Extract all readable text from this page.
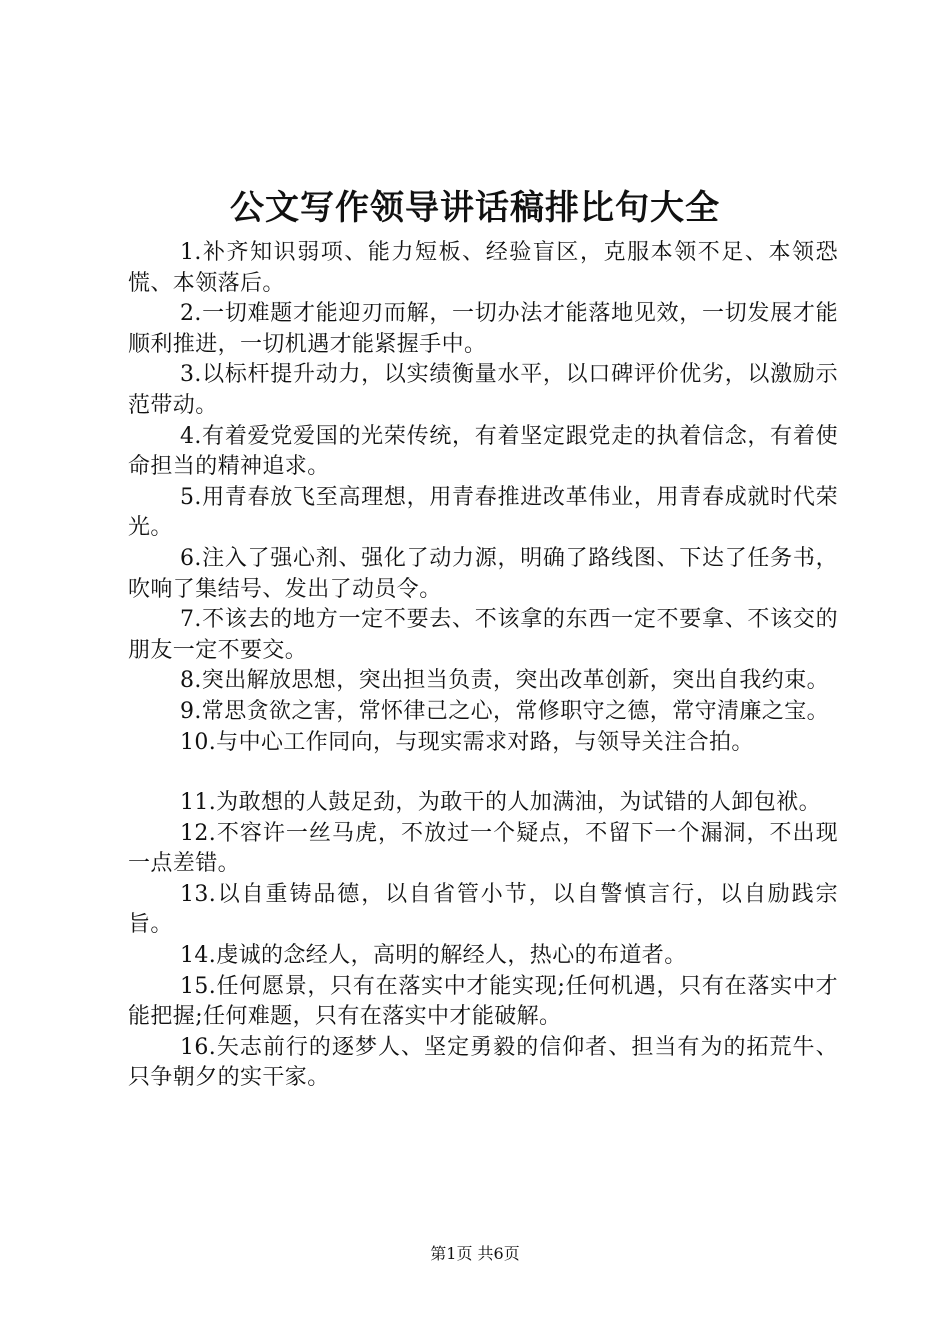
公文写作领导讲话稿排比句大全

1.补齐知识弱项、能力短板、经验盲区，克服本领不足、本领恐慌、本领落后。

2.一切难题才能迎刃而解，一切办法才能落地见效，一切发展才能顺利推进，一切机遇才能紧握手中。

3.以标杆提升动力，以实绩衡量水平，以口碑评价优劣，以激励示范带动。

4.有着爱党爱国的光荣传统，有着坚定跟党走的执着信念，有着使命担当的精神追求。

5.用青春放飞至高理想，用青春推进改革伟业，用青春成就时代荣光。

6.注入了强心剂、强化了动力源，明确了路线图、下达了任务书，吹响了集结号、发出了动员令。

7.不该去的地方一定不要去、不该拿的东西一定不要拿、不该交的朋友一定不要交。

8.突出解放思想，突出担当负责，突出改革创新，突出自我约束。

9.常思贪欲之害，常怀律己之心，常修职守之德，常守清廉之宝。

10.与中心工作同向，与现实需求对路，与领导关注合拍。

11.为敢想的人鼓足劲，为敢干的人加满油，为试错的人卸包袱。

12.不容许一丝马虎，不放过一个疑点，不留下一个漏洞，不出现一点差错。

13.以自重铸品德，以自省管小节，以自警慎言行，以自励践宗旨。

14.虔诚的念经人，高明的解经人，热心的布道者。

15.任何愿景，只有在落实中才能实现;任何机遇，只有在落实中才能把握;任何难题，只有在落实中才能破解。

16.矢志前行的逐梦人、坚定勇毅的信仰者、担当有为的拓荒牛、只争朝夕的实干家。

第1页 共6页
